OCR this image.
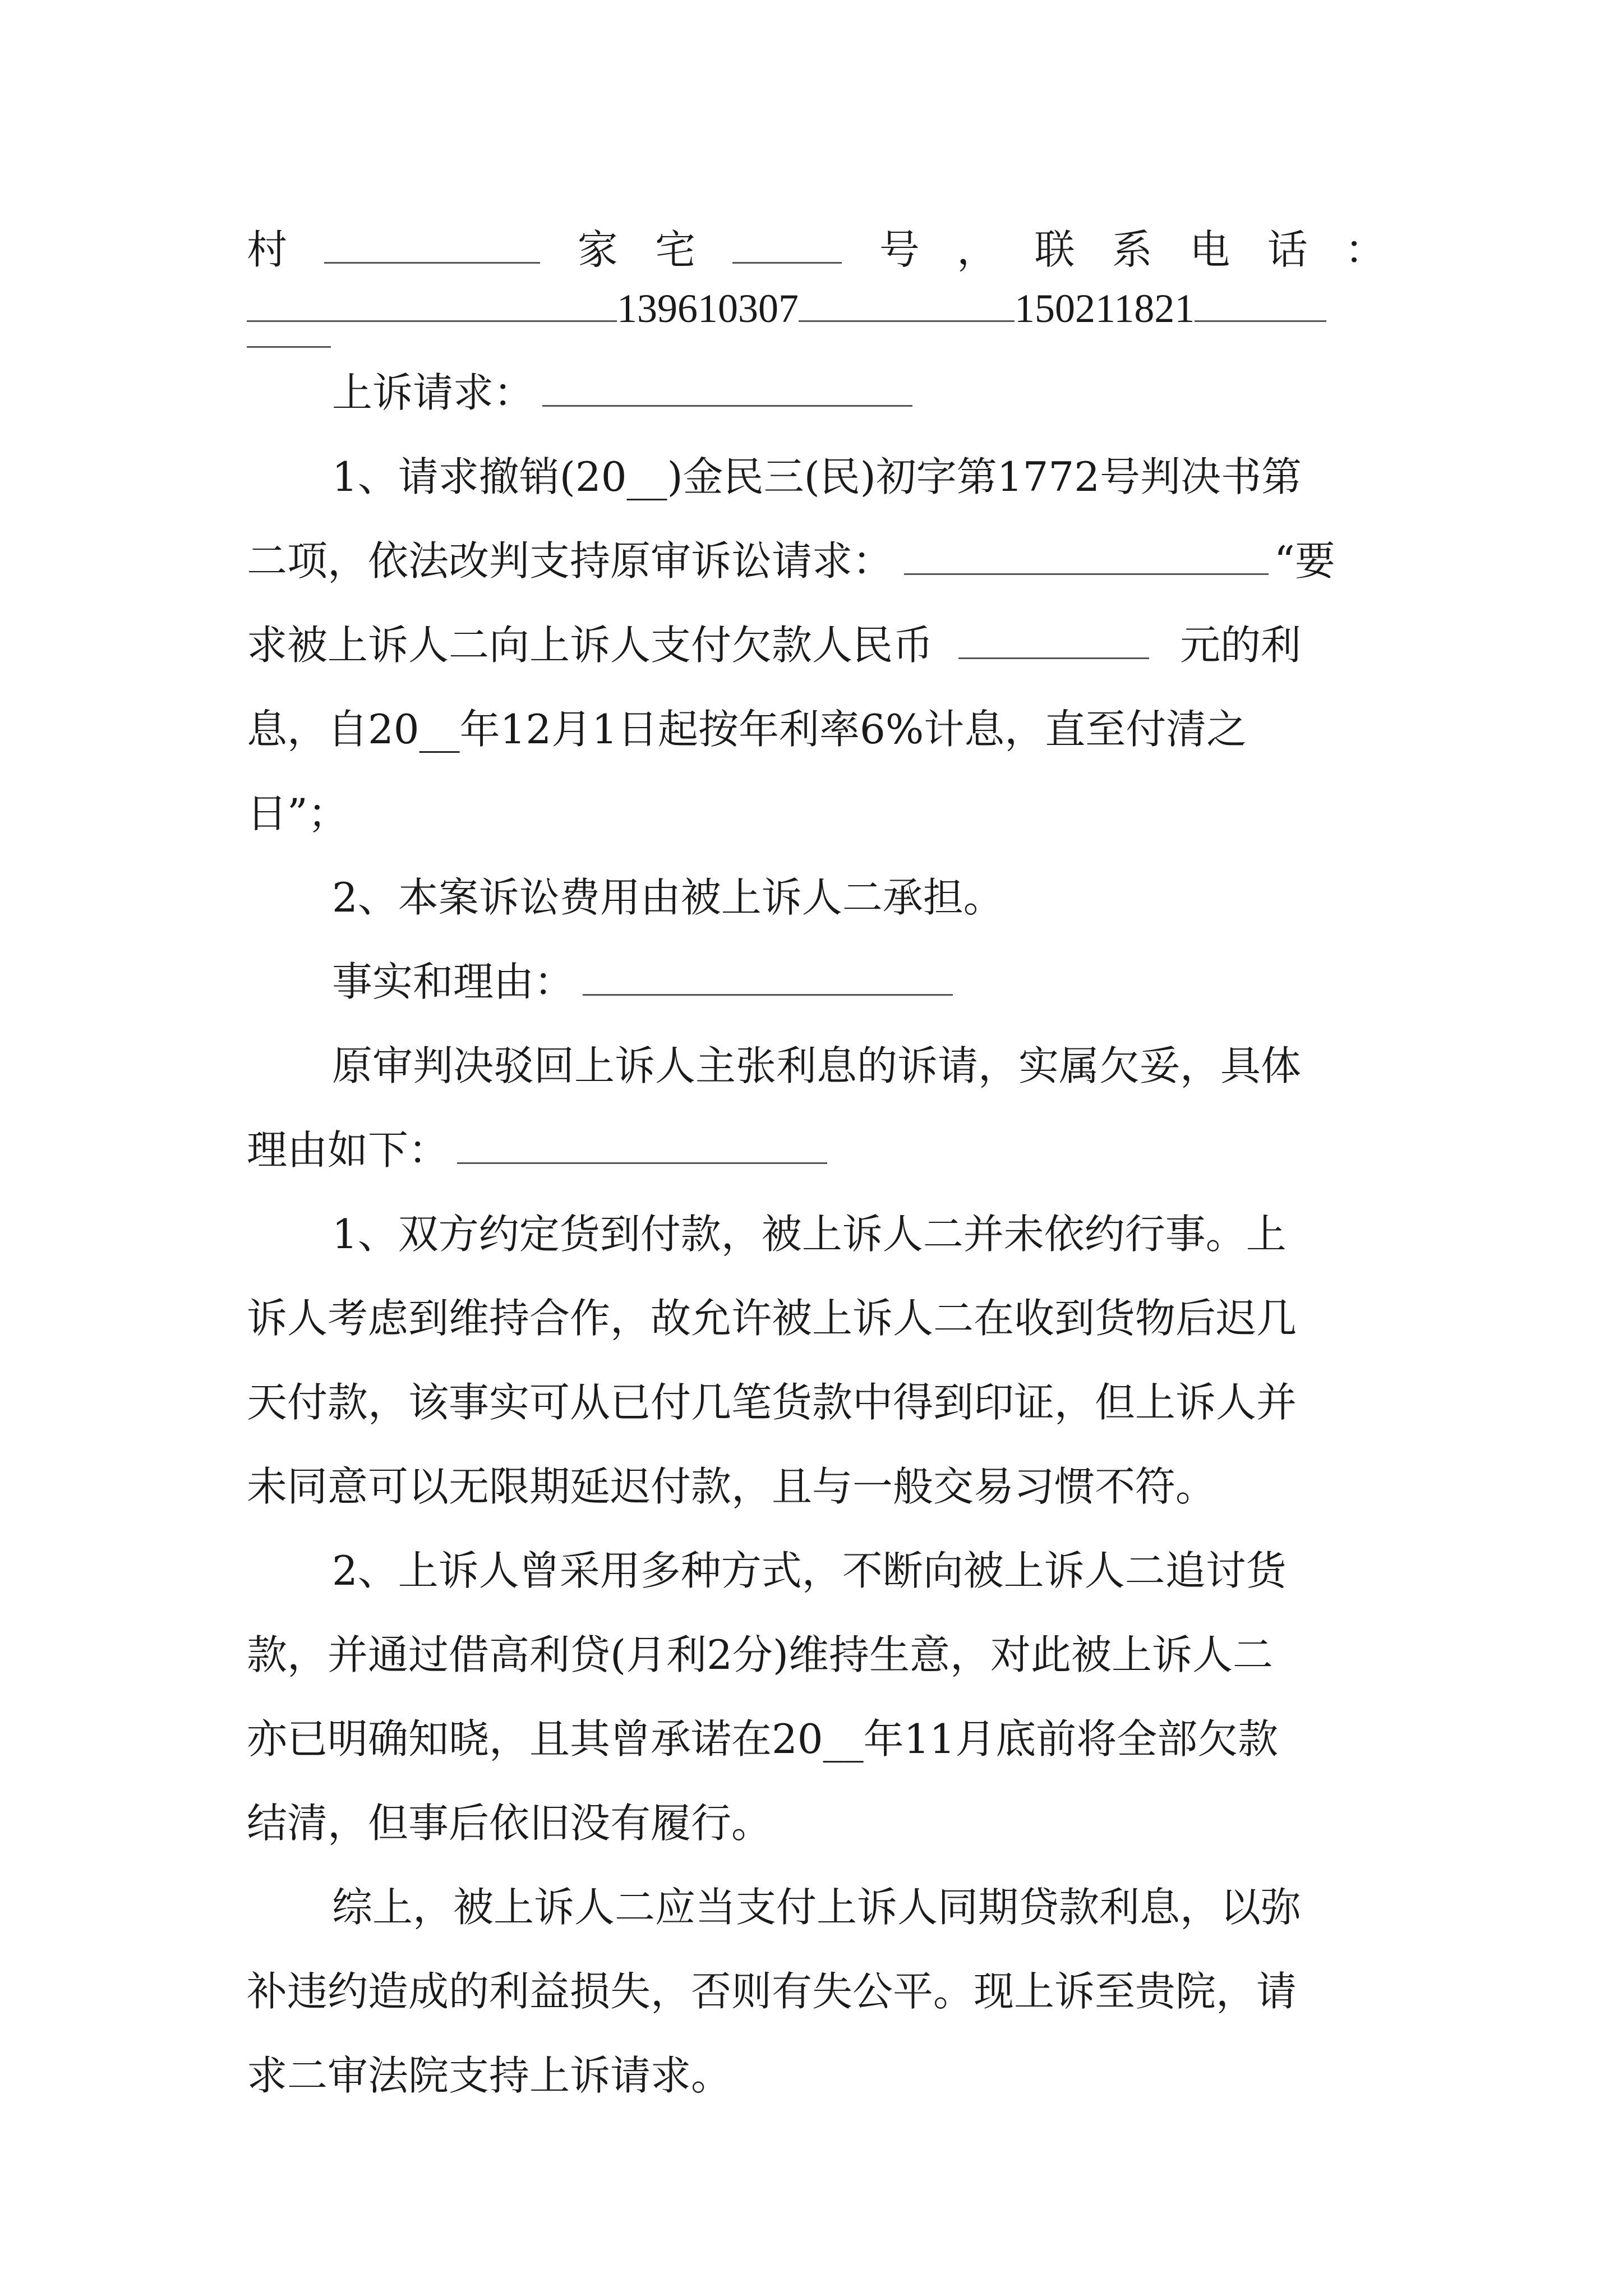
村	家 宅	号 ， 联 系 电 话 ：
139610307	150211821
上诉请求：
1、请求撤销(20__)金民三(民)初字第1772号判决书第
二项，依法改判支持原审诉讼请求：	“要
求被上诉人二向上诉人支付欠款人民币	元的利
息，自20__年12月1日起按年利率6%计息，直至付清之
日”；
2、本案诉讼费用由被上诉人二承担。
事实和理由：
原审判决驳回上诉人主张利息的诉请，实属欠妥，具体
理由如下：
1、双方约定货到付款，被上诉人二并未依约行事。上
诉人考虑到维持合作，故允许被上诉人二在收到货物后迟几
天付款，该事实可从已付几笔货款中得到印证，但上诉人并
未同意可以无限期延迟付款，且与一般交易习惯不符。
2、上诉人曾采用多种方式，不断向被上诉人二追讨货
款，并通过借高利贷(月利2分)维持生意，对此被上诉人二
亦已明确知晓，且其曾承诺在20__年11月底前将全部欠款
结清，但事后依旧没有履行。
综上，被上诉人二应当支付上诉人同期贷款利息，以弥
补违约造成的利益损失，否则有失公平。现上诉至贵院，请
求二审法院支持上诉请求。
